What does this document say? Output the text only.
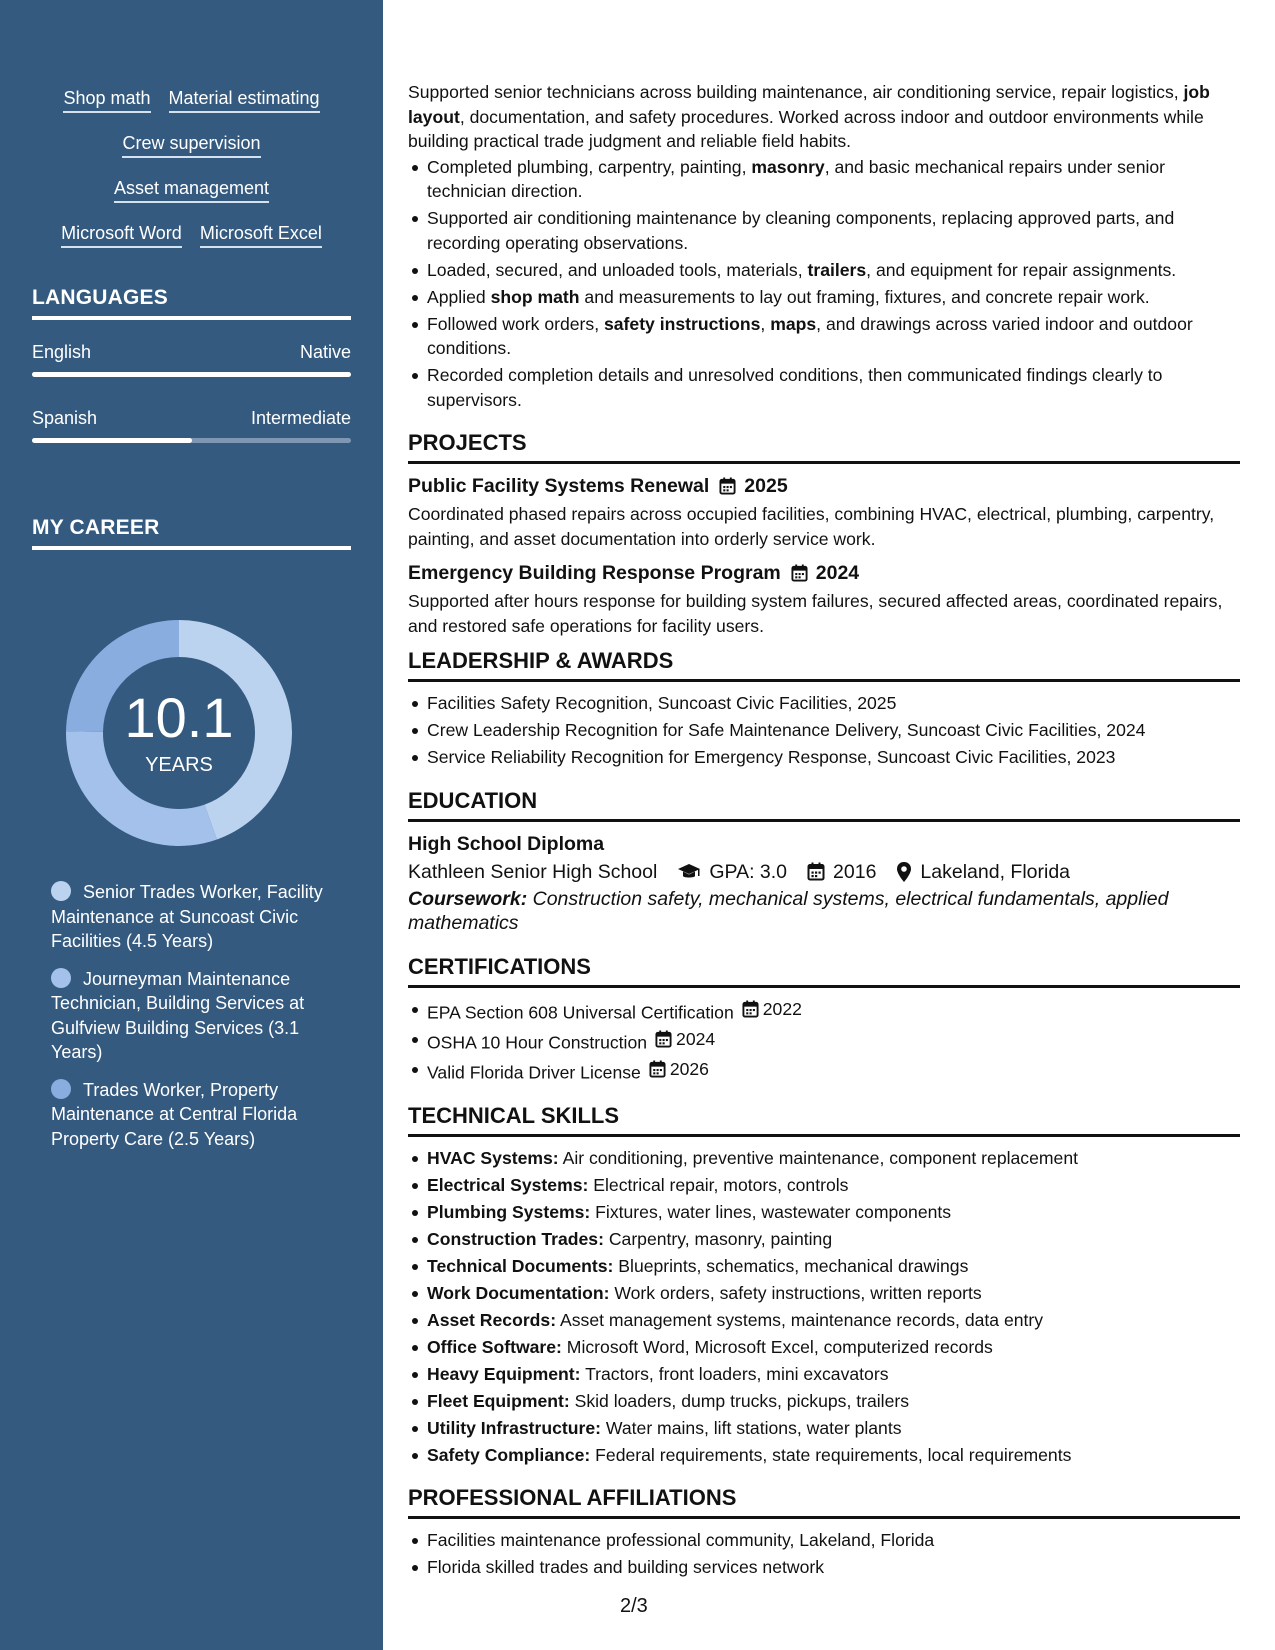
Shop math Material estimating
Crew supervision
Asset management
Microsoft Word Microsoft Excel
LANGUAGES
English	Native
Spanish	Intermediate
MY CAREER
10.1
YEARS
Senior Trades Worker, Facility Maintenance at Suncoast Civic Facilities (4.5 Years)
Journeyman Maintenance Technician, Building Services at Gulfview Building Services (3.1 Years)
Trades Worker, Property Maintenance at Central Florida Property Care (2.5 Years)
Supported senior technicians across building maintenance, air conditioning service, repair logistics, job layout, documentation, and safety procedures. Worked across indoor and outdoor environments while building practical trade judgment and reliable field habits.
Completed plumbing, carpentry, painting, masonry, and basic mechanical repairs under senior technician direction.
Supported air conditioning maintenance by cleaning components, replacing approved parts, and recording operating observations.
Loaded, secured, and unloaded tools, materials, trailers, and equipment for repair assignments.
Applied shop math and measurements to lay out framing, fixtures, and concrete repair work.
Followed work orders, safety instructions, maps, and drawings across varied indoor and outdoor conditions.
Recorded completion details and unresolved conditions, then communicated findings clearly to supervisors.
PROJECTS
Public Facility Systems Renewal 2025
Coordinated phased repairs across occupied facilities, combining HVAC, electrical, plumbing, carpentry, painting, and asset documentation into orderly service work.
Emergency Building Response Program 2024
Supported after hours response for building system failures, secured affected areas, coordinated repairs, and restored safe operations for facility users.
LEADERSHIP & AWARDS
Facilities Safety Recognition, Suncoast Civic Facilities, 2025
Crew Leadership Recognition for Safe Maintenance Delivery, Suncoast Civic Facilities, 2024
Service Reliability Recognition for Emergency Response, Suncoast Civic Facilities, 2023
EDUCATION
High School Diploma
Kathleen Senior High School	GPA: 3.0 2016 Lakeland, Florida
Coursework: Construction safety, mechanical systems, electrical fundamentals, applied mathematics
CERTIFICATIONS
EPA Section 608 Universal Certification 2022
OSHA 10 Hour Construction 2024
Valid Florida Driver License 2026
TECHNICAL SKILLS
HVAC Systems: Air conditioning, preventive maintenance, component replacement
Electrical Systems: Electrical repair, motors, controls
Plumbing Systems: Fixtures, water lines, wastewater components
Construction Trades: Carpentry, masonry, painting
Technical Documents: Blueprints, schematics, mechanical drawings
Work Documentation: Work orders, safety instructions, written reports
Asset Records: Asset management systems, maintenance records, data entry
Office Software: Microsoft Word, Microsoft Excel, computerized records
Heavy Equipment: Tractors, front loaders, mini excavators
Fleet Equipment: Skid loaders, dump trucks, pickups, trailers
Utility Infrastructure: Water mains, lift stations, water plants
Safety Compliance: Federal requirements, state requirements, local requirements
PROFESSIONAL AFFILIATIONS
Facilities maintenance professional community, Lakeland, Florida
Florida skilled trades and building services network
2/3
